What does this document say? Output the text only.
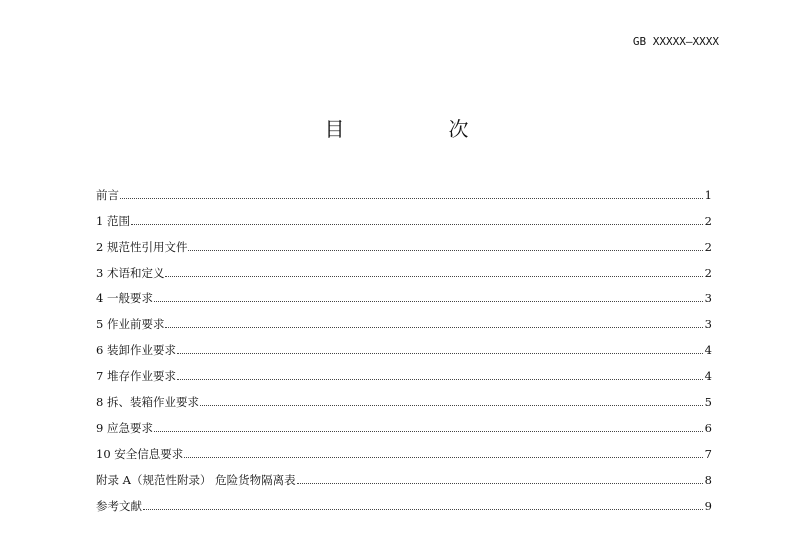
GB XXXXX—XXXX
目　次
前言	1
1 范围	2
2 规范性引用文件	2
3 术语和定义	2
4 一般要求	3
5 作业前要求	3
6 装卸作业要求	4
7 堆存作业要求	4
8 拆、装箱作业要求	5
9 应急要求	6
10 安全信息要求	7
附录 A（规范性附录） 危险货物隔离表	8
参考文献	9
